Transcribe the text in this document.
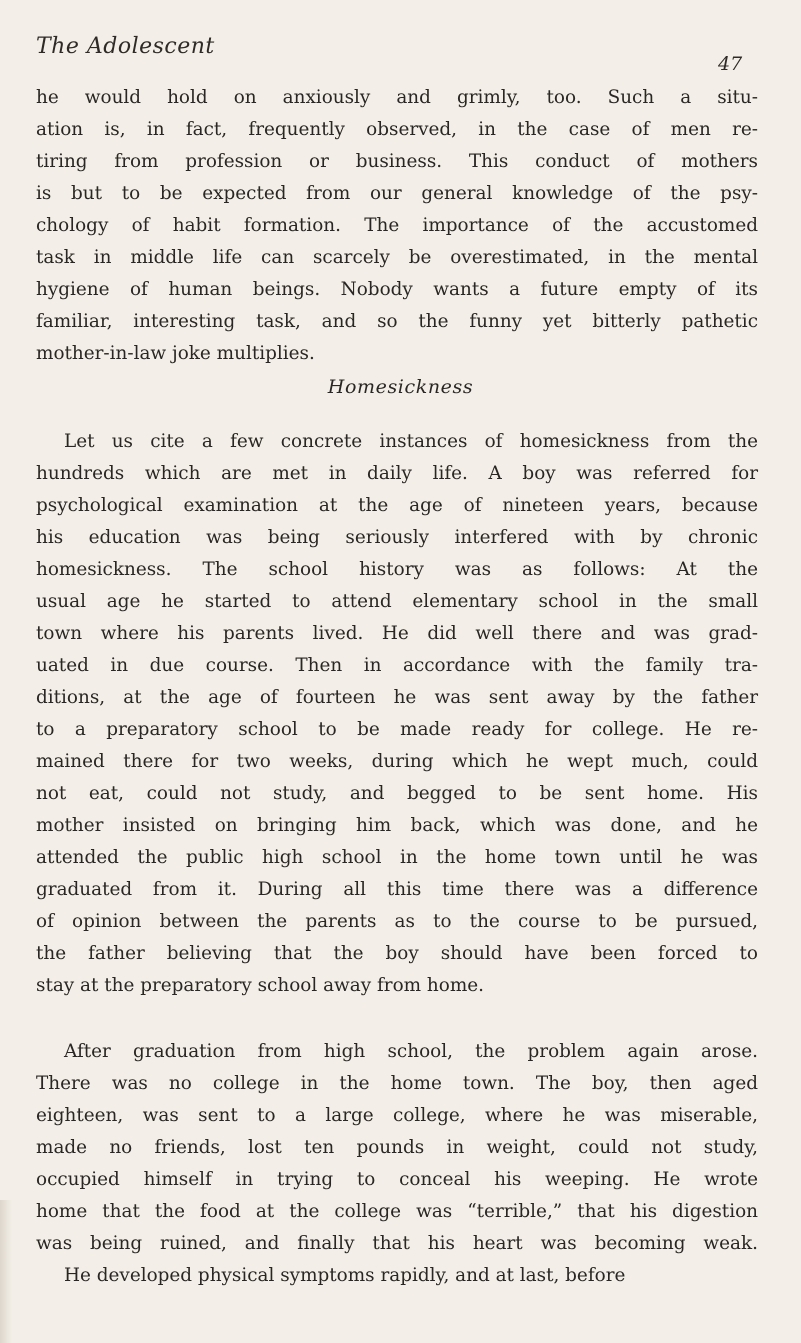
The Adolescent
47
he would hold on anxiously and grimly, too. Such a situ-
ation is, in fact, frequently observed, in the case of men re-
tiring from profession or business. This conduct of mothers
is but to be expected from our general knowledge of the psy-
chology of habit formation. The importance of the accustomed
task in middle life can scarcely be overestimated, in the mental
hygiene of human beings. Nobody wants a future empty of its
familiar, interesting task, and so the funny yet bitterly pathetic
mother-in-law joke multiplies.
Homesickness
Let us cite a few concrete instances of homesickness from the
hundreds which are met in daily life. A boy was referred for
psychological examination at the age of nineteen years, because
his education was being seriously interfered with by chronic
homesickness. The school history was as follows: At the
usual age he started to attend elementary school in the small
town where his parents lived. He did well there and was grad-
uated in due course. Then in accordance with the family tra-
ditions, at the age of fourteen he was sent away by the father
to a preparatory school to be made ready for college. He re-
mained there for two weeks, during which he wept much, could
not eat, could not study, and begged to be sent home. His
mother insisted on bringing him back, which was done, and he
attended the public high school in the home town until he was
graduated from it. During all this time there was a difference
of opinion between the parents as to the course to be pursued,
the father believing that the boy should have been forced to
stay at the preparatory school away from home.
After graduation from high school, the problem again arose.
There was no college in the home town. The boy, then aged
eighteen, was sent to a large college, where he was miserable,
made no friends, lost ten pounds in weight, could not study,
occupied himself in trying to conceal his weeping. He wrote
home that the food at the college was “terrible,” that his digestion
was being ruined, and finally that his heart was becoming weak.
He developed physical symptoms rapidly, and at last, before
